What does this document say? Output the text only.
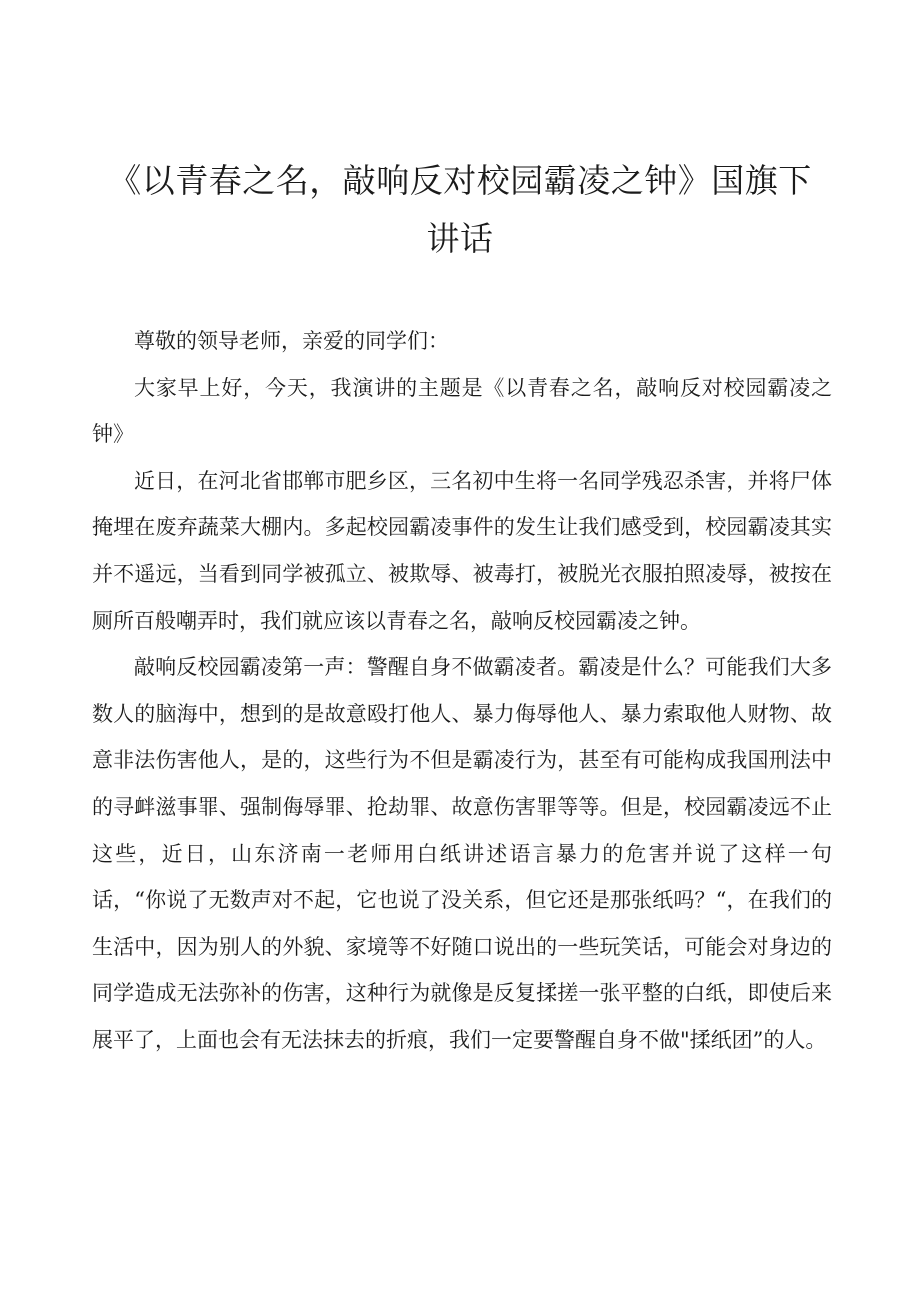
《以青春之名，敲响反对校园霸凌之钟》国旗下讲话

尊敬的领导老师，亲爱的同学们：

大家早上好，今天，我演讲的主题是《以青春之名，敲响反对校园霸凌之钟》

近日，在河北省邯郸市肥乡区，三名初中生将一名同学残忍杀害，并将尸体掩埋在废弃蔬菜大棚内。多起校园霸凌事件的发生让我们感受到，校园霸凌其实并不遥远，当看到同学被孤立、被欺辱、被毒打，被脱光衣服拍照凌辱，被按在厕所百般嘲弄时，我们就应该以青春之名，敲响反校园霸凌之钟。

敲响反校园霸凌第一声：警醒自身不做霸凌者。霸凌是什么？可能我们大多数人的脑海中，想到的是故意殴打他人、暴力侮辱他人、暴力索取他人财物、故意非法伤害他人，是的，这些行为不但是霸凌行为，甚至有可能构成我国刑法中的寻衅滋事罪、强制侮辱罪、抢劫罪、故意伤害罪等等。但是，校园霸凌远不止这些，近日，山东济南一老师用白纸讲述语言暴力的危害并说了这样一句话，“你说了无数声对不起，它也说了没关系，但它还是那张纸吗？“，在我们的生活中，因为别人的外貌、家境等不好随口说出的一些玩笑话，可能会对身边的同学造成无法弥补的伤害，这种行为就像是反复揉搓一张平整的白纸，即使后来展平了，上面也会有无法抹去的折痕，我们一定要警醒自身不做"揉纸团”的人。
